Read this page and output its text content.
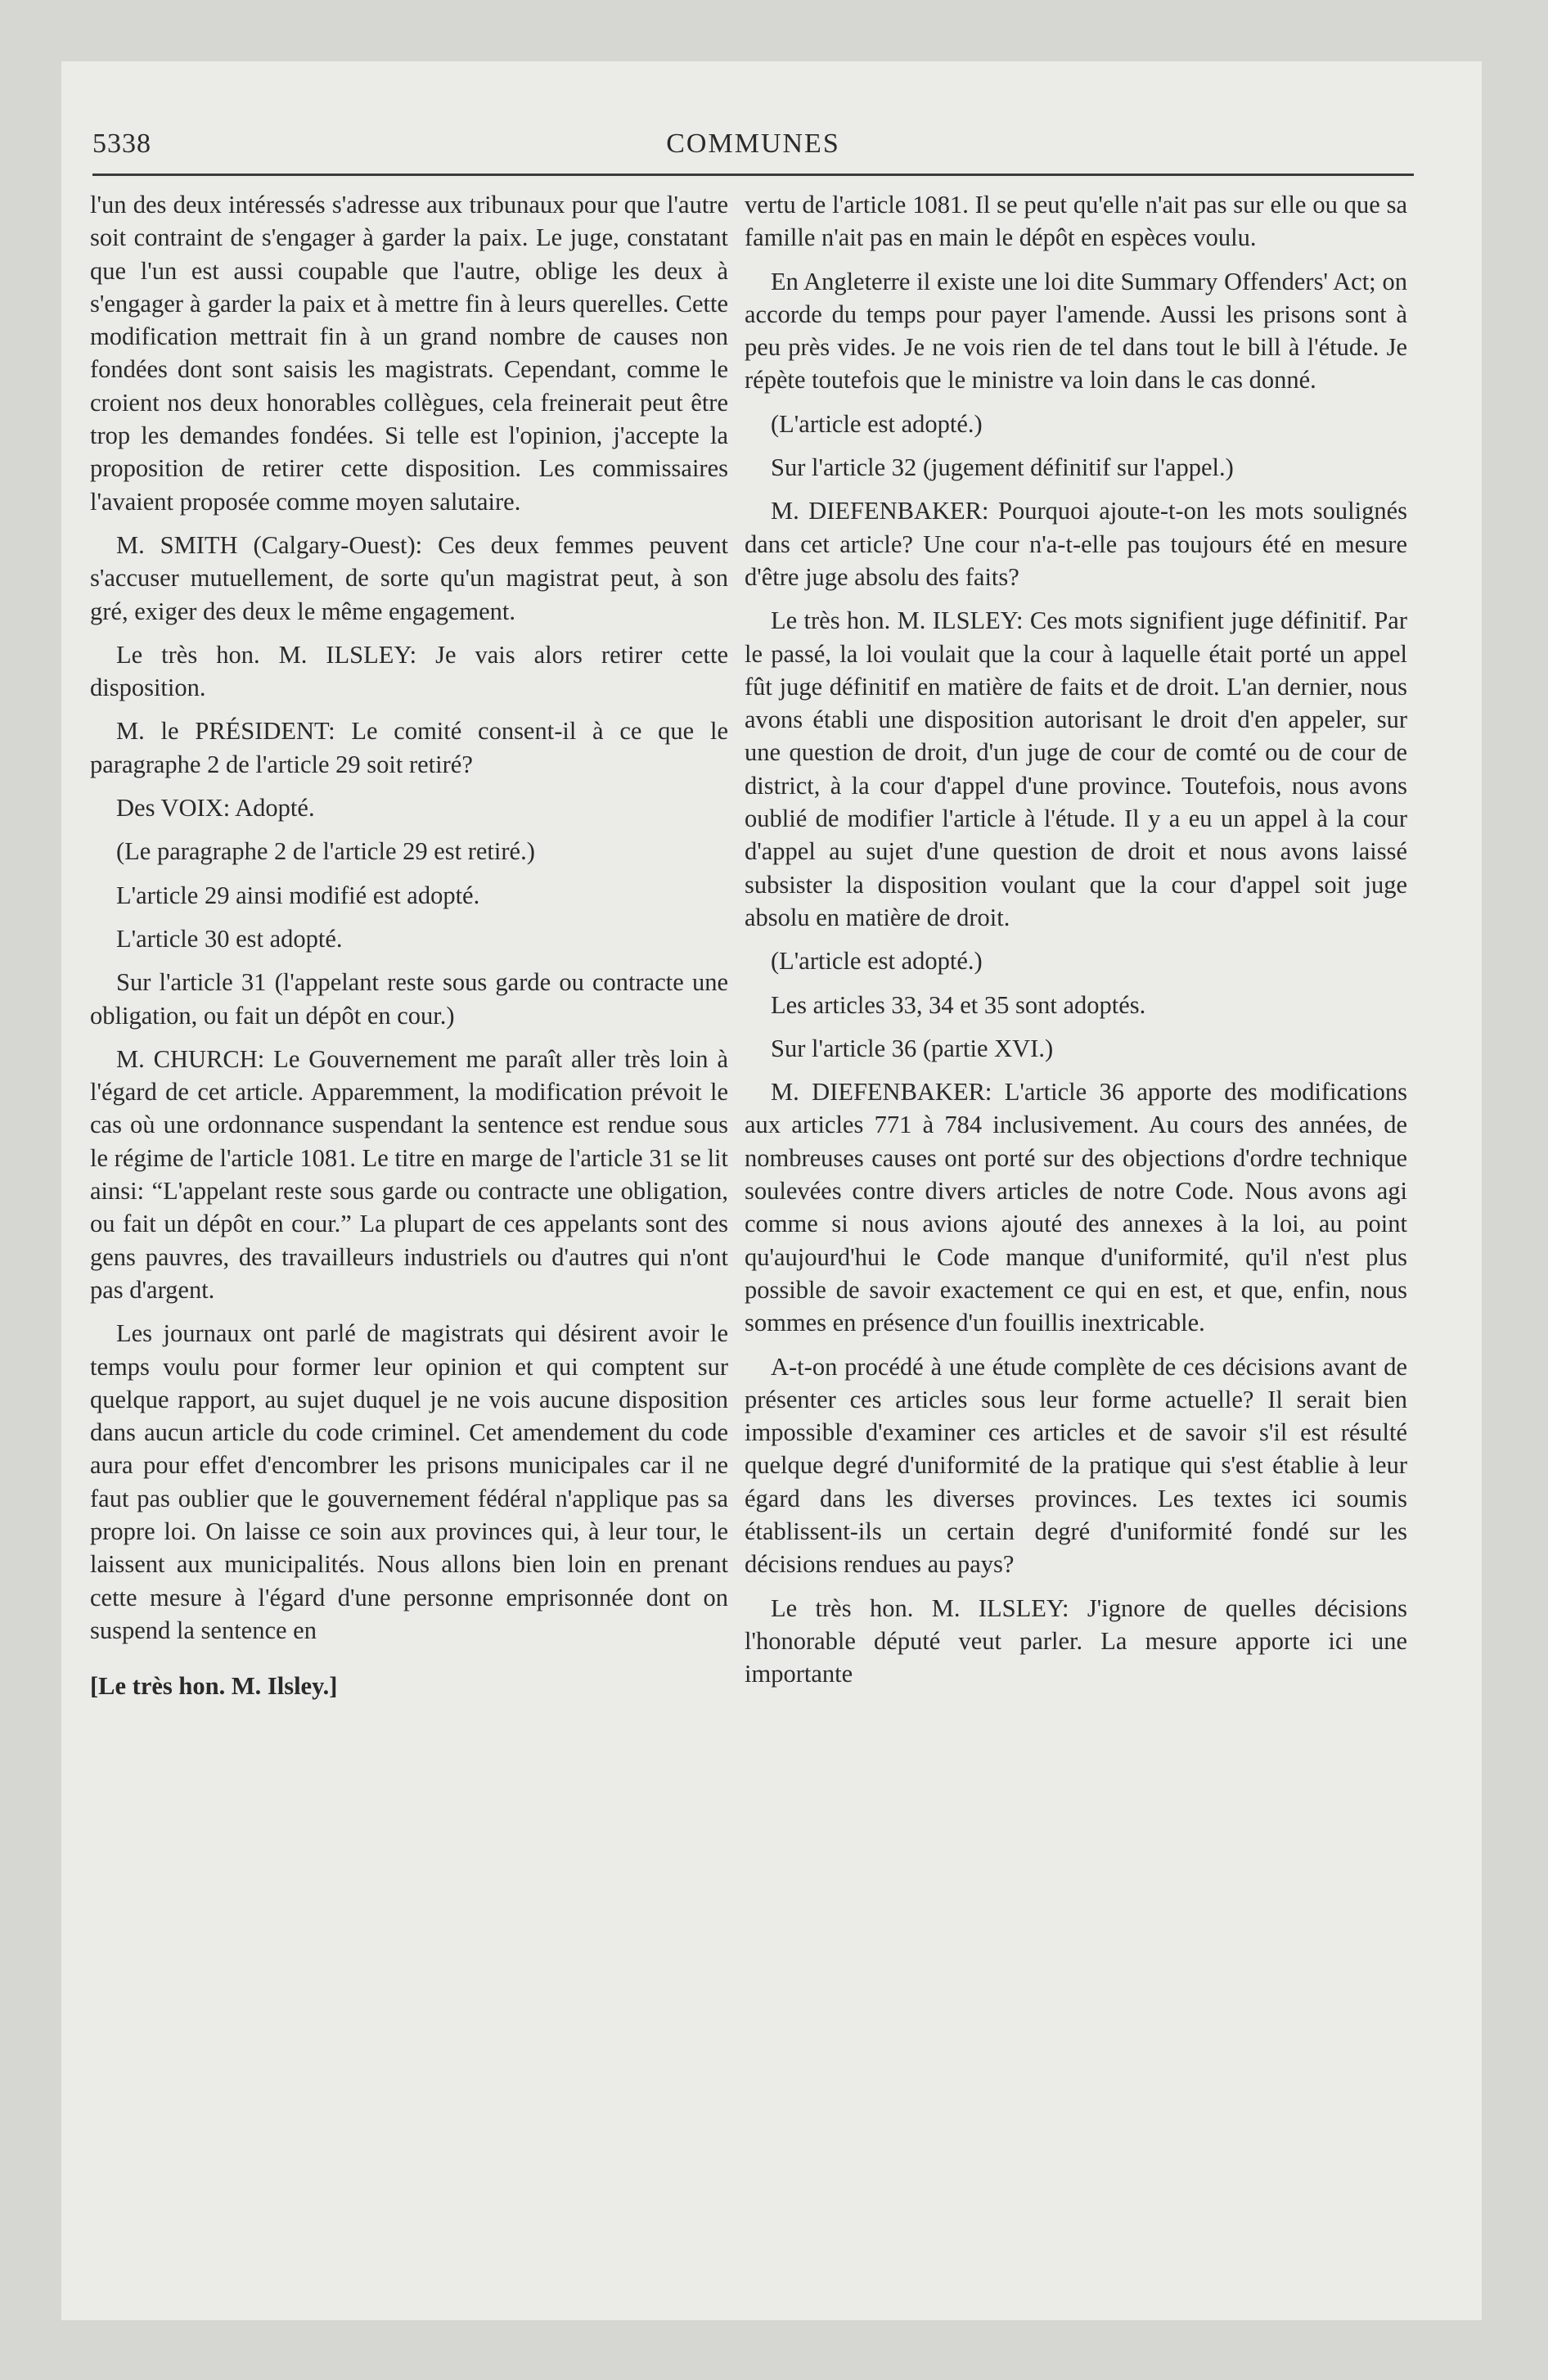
5338	COMMUNES

l'un des deux intéressés s'adresse aux tribunaux pour que l'autre soit contraint de s'engager à garder la paix. Le juge, constatant que l'un est aussi coupable que l'autre, oblige les deux à s'engager à garder la paix et à mettre fin à leurs querelles. Cette modification mettrait fin à un grand nombre de causes non fondées dont sont saisis les magistrats. Cependant, comme le croient nos deux honorables collègues, cela freinerait peut être trop les demandes fondées. Si telle est l'opinion, j'accepte la proposition de retirer cette disposition. Les commissaires l'avaient proposée comme moyen salutaire.

M. SMITH (Calgary-Ouest): Ces deux femmes peuvent s'accuser mutuellement, de sorte qu'un magistrat peut, à son gré, exiger des deux le même engagement.

Le très hon. M. ILSLEY: Je vais alors retirer cette disposition.

M. le PRÉSIDENT: Le comité consent-il à ce que le paragraphe 2 de l'article 29 soit retiré?

Des VOIX: Adopté.

(Le paragraphe 2 de l'article 29 est retiré.)

L'article 29 ainsi modifié est adopté.

L'article 30 est adopté.

Sur l'article 31 (l'appelant reste sous garde ou contracte une obligation, ou fait un dépôt en cour.)

M. CHURCH: Le Gouvernement me paraît aller très loin à l'égard de cet article. Apparemment, la modification prévoit le cas où une ordonnance suspendant la sentence est rendue sous le régime de l'article 1081. Le titre en marge de l'article 31 se lit ainsi: “L'appelant reste sous garde ou contracte une obligation, ou fait un dépôt en cour.” La plupart de ces appelants sont des gens pauvres, des travailleurs industriels ou d'autres qui n'ont pas d'argent.

Les journaux ont parlé de magistrats qui désirent avoir le temps voulu pour former leur opinion et qui comptent sur quelque rapport, au sujet duquel je ne vois aucune disposition dans aucun article du code criminel. Cet amendement du code aura pour effet d'encombrer les prisons municipales car il ne faut pas oublier que le gouvernement fédéral n'applique pas sa propre loi. On laisse ce soin aux provinces qui, à leur tour, le laissent aux municipalités. Nous allons bien loin en prenant cette mesure à l'égard d'une personne emprisonnée dont on suspend la sentence en

[Le très hon. M. Ilsley.]

vertu de l'article 1081. Il se peut qu'elle n'ait pas sur elle ou que sa famille n'ait pas en main le dépôt en espèces voulu.

En Angleterre il existe une loi dite Summary Offenders' Act; on accorde du temps pour payer l'amende. Aussi les prisons sont à peu près vides. Je ne vois rien de tel dans tout le bill à l'étude. Je répète toutefois que le ministre va loin dans le cas donné.

(L'article est adopté.)

Sur l'article 32 (jugement définitif sur l'appel.)

M. DIEFENBAKER: Pourquoi ajoute-t-on les mots soulignés dans cet article? Une cour n'a-t-elle pas toujours été en mesure d'être juge absolu des faits?

Le très hon. M. ILSLEY: Ces mots signifient juge définitif. Par le passé, la loi voulait que la cour à laquelle était porté un appel fût juge définitif en matière de faits et de droit. L'an dernier, nous avons établi une disposition autorisant le droit d'en appeler, sur une question de droit, d'un juge de cour de comté ou de cour de district, à la cour d'appel d'une province. Toutefois, nous avons oublié de modifier l'article à l'étude. Il y a eu un appel à la cour d'appel au sujet d'une question de droit et nous avons laissé subsister la disposition voulant que la cour d'appel soit juge absolu en matière de droit.

(L'article est adopté.)

Les articles 33, 34 et 35 sont adoptés.

Sur l'article 36 (partie XVI.)

M. DIEFENBAKER: L'article 36 apporte des modifications aux articles 771 à 784 inclusivement. Au cours des années, de nombreuses causes ont porté sur des objections d'ordre technique soulevées contre divers articles de notre Code. Nous avons agi comme si nous avions ajouté des annexes à la loi, au point qu'aujourd'hui le Code manque d'uniformité, qu'il n'est plus possible de savoir exactement ce qui en est, et que, enfin, nous sommes en présence d'un fouillis inextricable.

A-t-on procédé à une étude complète de ces décisions avant de présenter ces articles sous leur forme actuelle? Il serait bien impossible d'examiner ces articles et de savoir s'il est résulté quelque degré d'uniformité de la pratique qui s'est établie à leur égard dans les diverses provinces. Les textes ici soumis établissent-ils un certain degré d'uniformité fondé sur les décisions rendues au pays?

Le très hon. M. ILSLEY: J'ignore de quelles décisions l'honorable député veut parler. La mesure apporte ici une importante
